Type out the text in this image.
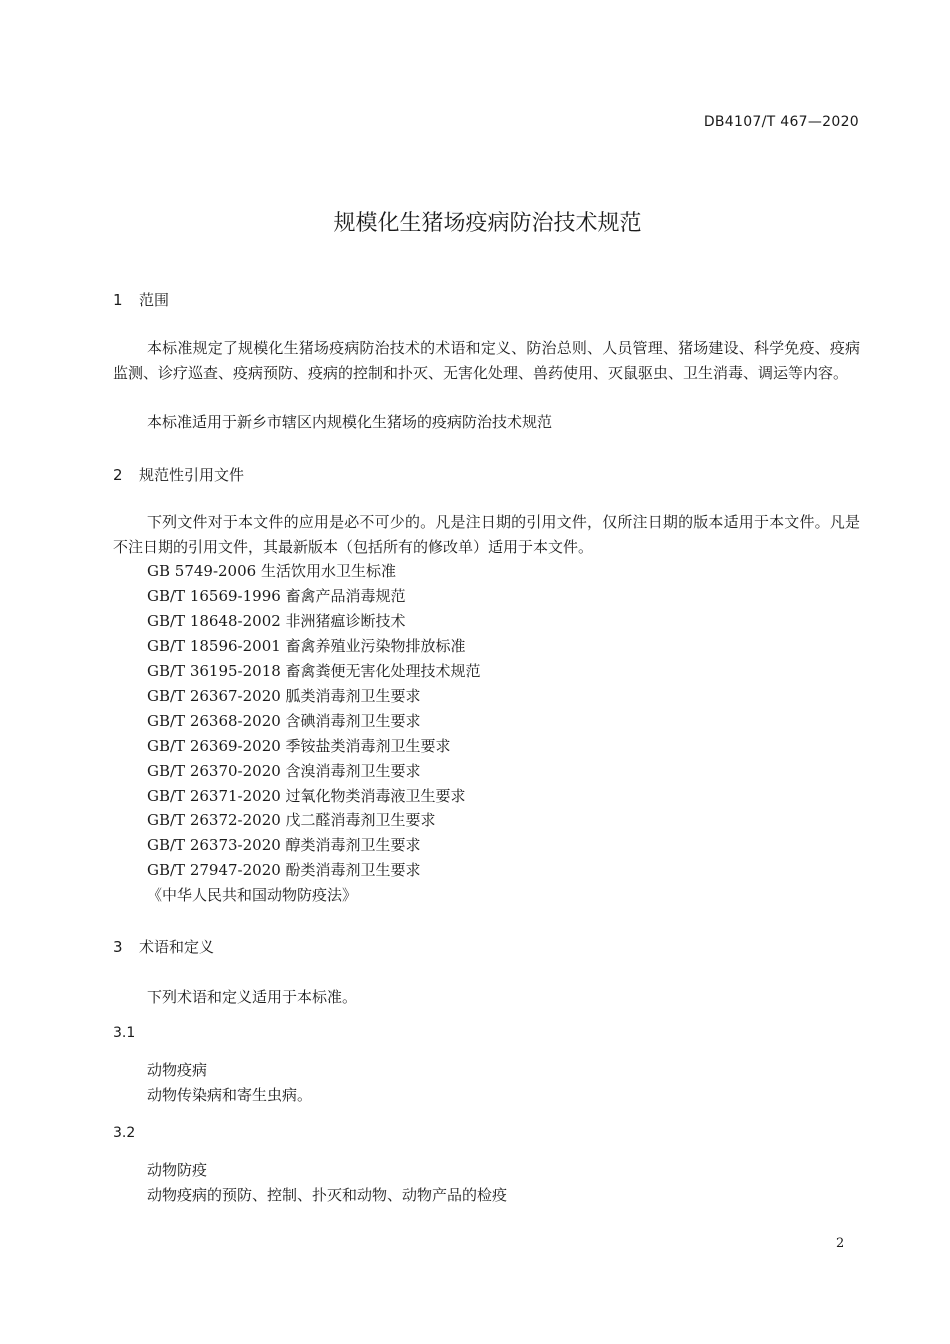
DB4107/T 467—2020
规模化生猪场疫病防治技术规范
1 范围
本标准规定了规模化生猪场疫病防治技术的术语和定义、防治总则、人员管理、猪场建设、科学免疫、疫病监测、诊疗巡查、疫病预防、疫病的控制和扑灭、无害化处理、兽药使用、灭鼠驱虫、卫生消毒、调运等内容。
本标准适用于新乡市辖区内规模化生猪场的疫病防治技术规范
2 规范性引用文件
下列文件对于本文件的应用是必不可少的。凡是注日期的引用文件，仅所注日期的版本适用于本文件。凡是不注日期的引用文件，其最新版本（包括所有的修改单）适用于本文件。
GB 5749-2006 生活饮用水卫生标准
GB/T 16569-1996 畜禽产品消毒规范
GB/T 18648-2002 非洲猪瘟诊断技术
GB/T 18596-2001 畜禽养殖业污染物排放标准
GB/T 36195-2018 畜禽粪便无害化处理技术规范
GB/T 26367-2020 胍类消毒剂卫生要求
GB/T 26368-2020 含碘消毒剂卫生要求
GB/T 26369-2020 季铵盐类消毒剂卫生要求
GB/T 26370-2020 含溴消毒剂卫生要求
GB/T 26371-2020 过氧化物类消毒液卫生要求
GB/T 26372-2020 戊二醛消毒剂卫生要求
GB/T 26373-2020 醇类消毒剂卫生要求
GB/T 27947-2020 酚类消毒剂卫生要求
《中华人民共和国动物防疫法》
3 术语和定义
下列术语和定义适用于本标准。
3.1
动物疫病
动物传染病和寄生虫病。
3.2
动物防疫
动物疫病的预防、控制、扑灭和动物、动物产品的检疫
2
